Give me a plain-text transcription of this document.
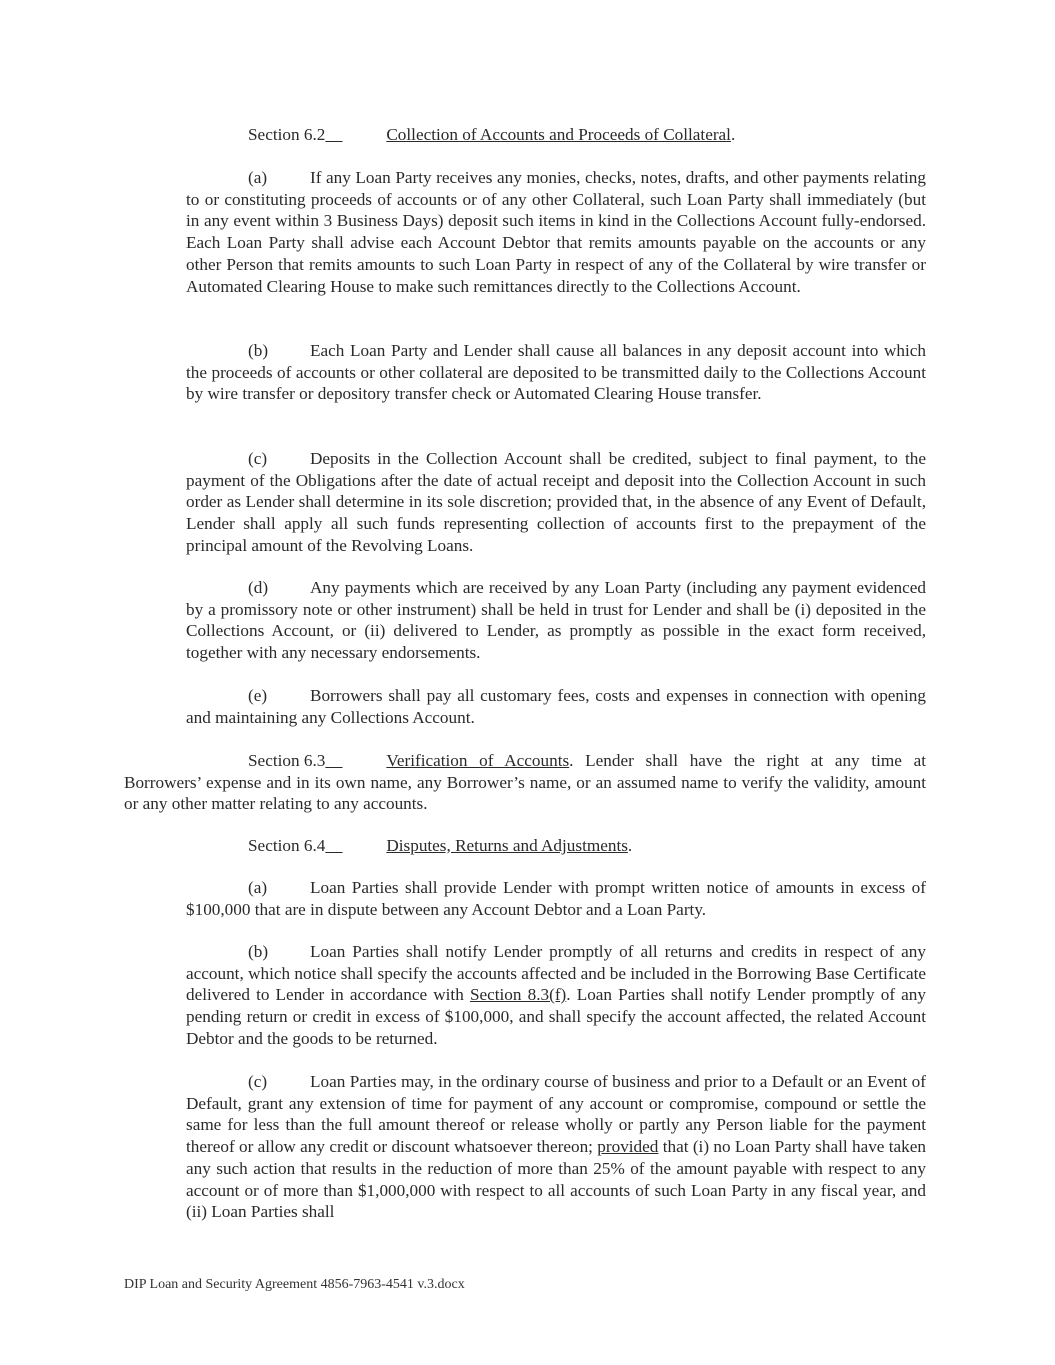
Section 6.2	Collection of Accounts and Proceeds of Collateral.

(a) If any Loan Party receives any monies, checks, notes, drafts, and other payments relating to or constituting proceeds of accounts or of any other Collateral, such Loan Party shall immediately (but in any event within 3 Business Days) deposit such items in kind in the Collections Account fully-endorsed. Each Loan Party shall advise each Account Debtor that remits amounts payable on the accounts or any other Person that remits amounts to such Loan Party in respect of any of the Collateral by wire transfer or Automated Clearing House to make such remittances directly to the Collections Account.

(b) Each Loan Party and Lender shall cause all balances in any deposit account into which the proceeds of accounts or other collateral are deposited to be transmitted daily to the Collections Account by wire transfer or depository transfer check or Automated Clearing House transfer.

(c) Deposits in the Collection Account shall be credited, subject to final payment, to the payment of the Obligations after the date of actual receipt and deposit into the Collection Account in such order as Lender shall determine in its sole discretion; provided that, in the absence of any Event of Default, Lender shall apply all such funds representing collection of accounts first to the prepayment of the principal amount of the Revolving Loans.

(d) Any payments which are received by any Loan Party (including any payment evidenced by a promissory note or other instrument) shall be held in trust for Lender and shall be (i) deposited in the Collections Account, or (ii) delivered to Lender, as promptly as possible in the exact form received, together with any necessary endorsements.

(e) Borrowers shall pay all customary fees, costs and expenses in connection with opening and maintaining any Collections Account.

Section 6.3	Verification of Accounts. Lender shall have the right at any time at Borrowers’ expense and in its own name, any Borrower’s name, or an assumed name to verify the validity, amount or any other matter relating to any accounts.

Section 6.4	Disputes, Returns and Adjustments.

(a) Loan Parties shall provide Lender with prompt written notice of amounts in excess of $100,000 that are in dispute between any Account Debtor and a Loan Party.

(b) Loan Parties shall notify Lender promptly of all returns and credits in respect of any account, which notice shall specify the accounts affected and be included in the Borrowing Base Certificate delivered to Lender in accordance with Section 8.3(f). Loan Parties shall notify Lender promptly of any pending return or credit in excess of $100,000, and shall specify the account affected, the related Account Debtor and the goods to be returned.

(c) Loan Parties may, in the ordinary course of business and prior to a Default or an Event of Default, grant any extension of time for payment of any account or compromise, compound or settle the same for less than the full amount thereof or release wholly or partly any Person liable for the payment thereof or allow any credit or discount whatsoever thereon; provided that (i) no Loan Party shall have taken any such action that results in the reduction of more than 25% of the amount payable with respect to any account or of more than $1,000,000 with respect to all accounts of such Loan Party in any fiscal year, and (ii) Loan Parties shall

DIP Loan and Security Agreement 4856-7963-4541 v.3.docx
